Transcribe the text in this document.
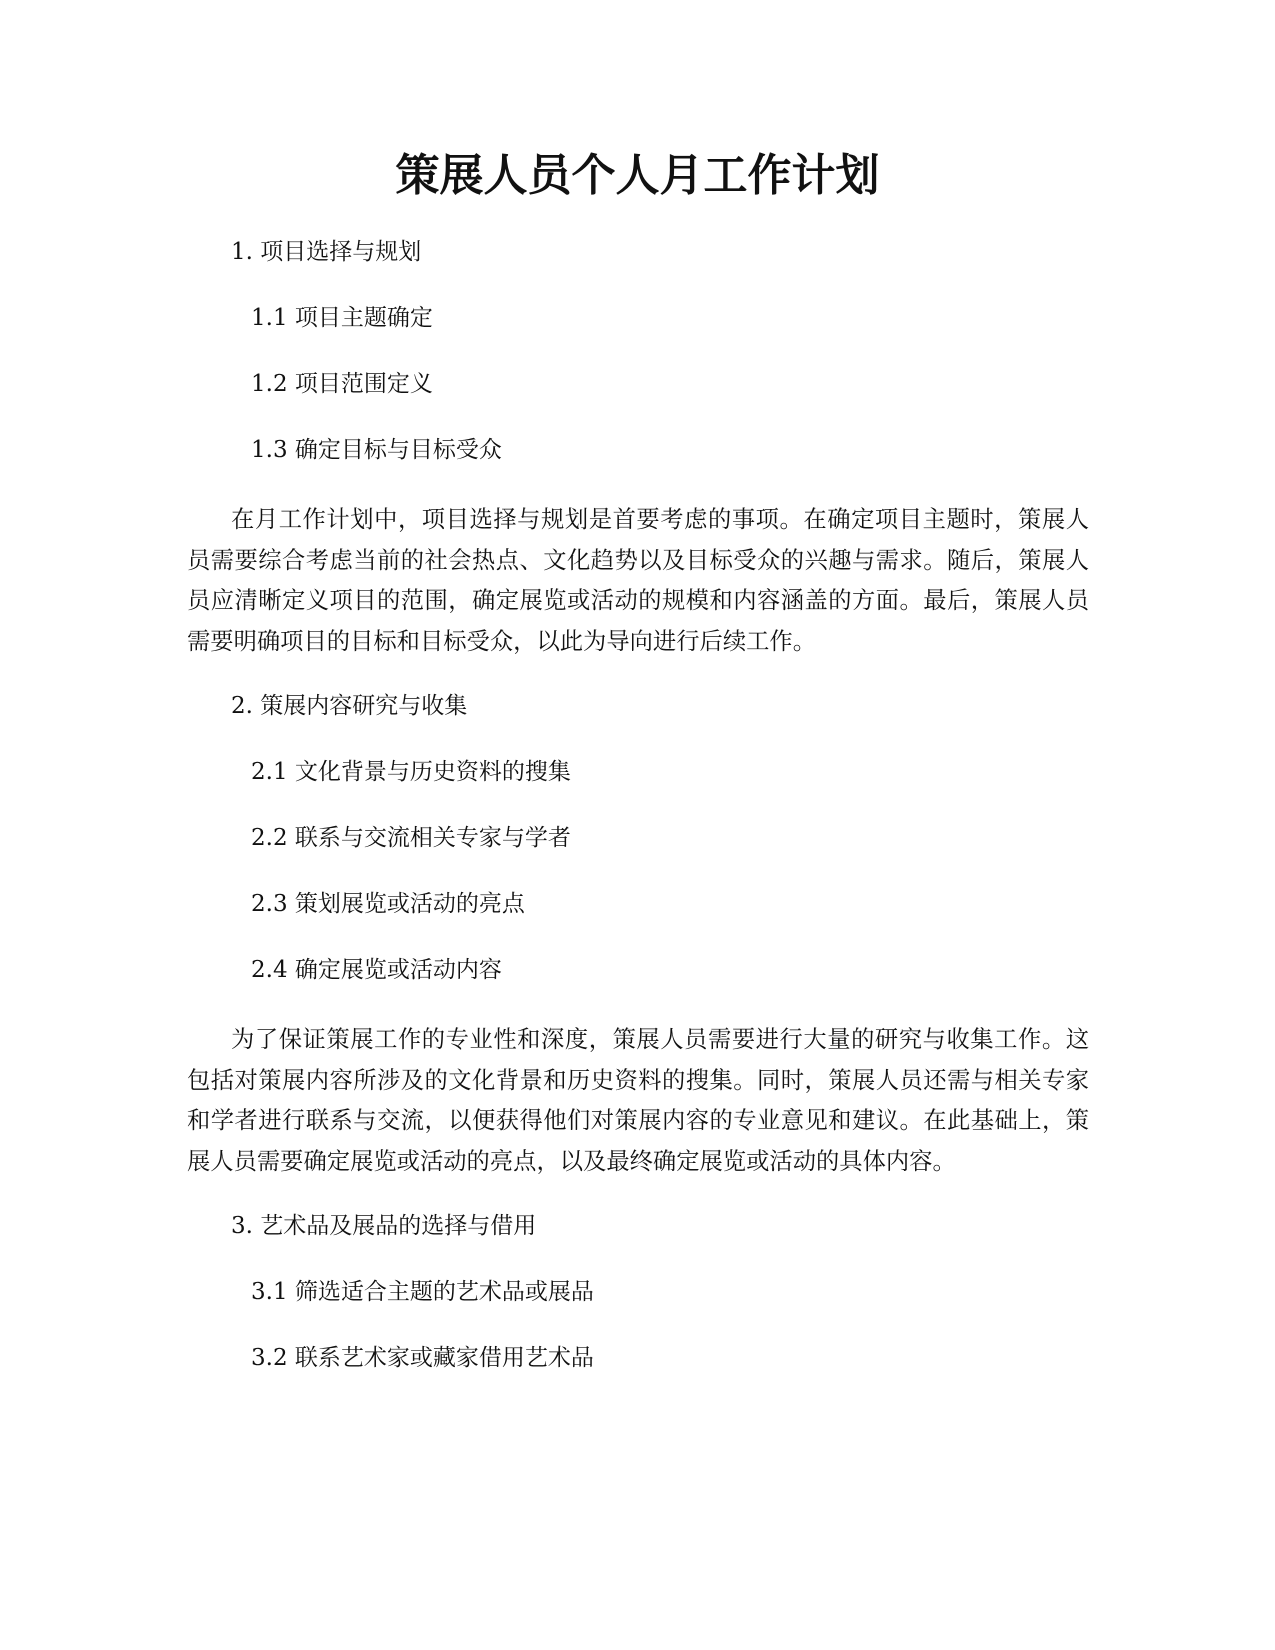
策展人员个人月工作计划

1. 项目选择与规划

1.1 项目主题确定

1.2 项目范围定义

1.3 确定目标与目标受众

在月工作计划中，项目选择与规划是首要考虑的事项。在确定项目主题时，策展人员需要综合考虑当前的社会热点、文化趋势以及目标受众的兴趣与需求。随后，策展人员应清晰定义项目的范围，确定展览或活动的规模和内容涵盖的方面。最后，策展人员需要明确项目的目标和目标受众，以此为导向进行后续工作。

2. 策展内容研究与收集

2.1 文化背景与历史资料的搜集

2.2 联系与交流相关专家与学者

2.3 策划展览或活动的亮点

2.4 确定展览或活动内容

为了保证策展工作的专业性和深度，策展人员需要进行大量的研究与收集工作。这包括对策展内容所涉及的文化背景和历史资料的搜集。同时，策展人员还需与相关专家和学者进行联系与交流，以便获得他们对策展内容的专业意见和建议。在此基础上，策展人员需要确定展览或活动的亮点，以及最终确定展览或活动的具体内容。

3. 艺术品及展品的选择与借用

3.1 筛选适合主题的艺术品或展品

3.2 联系艺术家或藏家借用艺术品
